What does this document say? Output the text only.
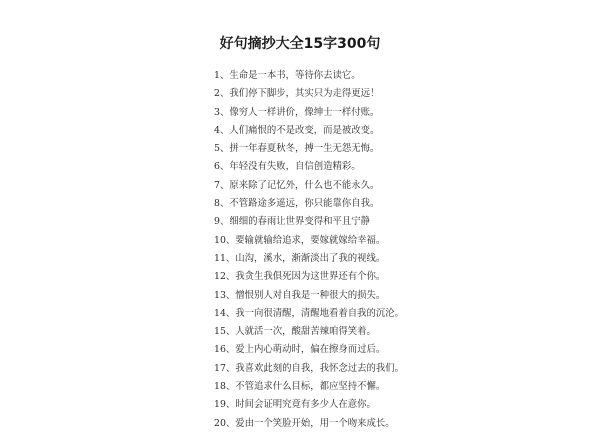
好句摘抄大全15字300句
1、生命是一本书，等待你去读它。
2、我们停下脚步，其实只为走得更远！
3、像穷人一样讲价，像绅士一样付账。
4、人们痛恨的不是改变，而是被改变。
5、拼一年春夏秋冬，搏一生无怨无悔。
6、年轻没有失败，自信创造精彩。
7、原来除了记忆外，什么也不能永久。
8、不管路途多遥远，你只能靠你自我。
9、细细的春雨让世界变得和平且宁静
10、要输就输给追求，要嫁就嫁给幸福。
11、山沟，溪水，渐渐淡出了我的视线。
12、我贪生我俱死因为这世界还有个你。
13、憎恨别人对自我是一种很大的损失。
14、我一向很清醒，清醒地看着自我的沉沦。
15、人就活一次，酸甜苦辣咱得笑着。
16、爱上内心萌动时，偏在擦身而过后。
17、我喜欢此刻的自我，我怀念过去的我们。
18、不管追求什么目标，都应坚持不懈。
19、时间会证明究竟有多少人在意你。
20、爱由一个笑脸开始，用一个吻来成长。
